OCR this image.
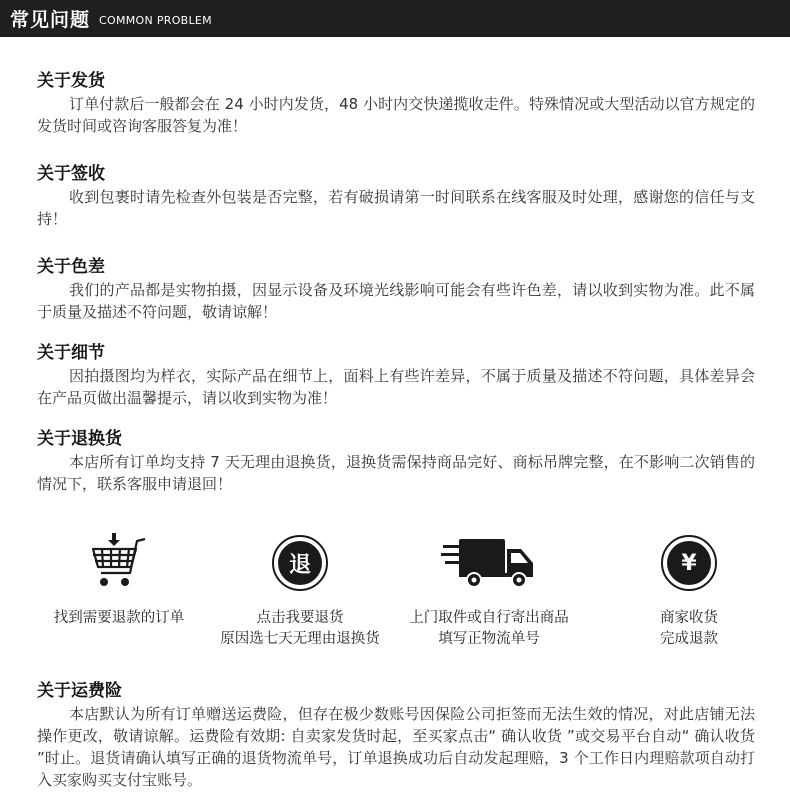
常见问题 COMMON PROBLEM
关于发货
订单付款后一般都会在 24 小时内发货，48 小时内交快递揽收走件。特殊情况或大型活动以官方规定的发货时间或咨询客服答复为准！
关于签收
收到包裹时请先检查外包装是否完整，若有破损请第一时间联系在线客服及时处理，感谢您的信任与支持！
关于色差
我们的产品都是实物拍摄，因显示设备及环境光线影响可能会有些许色差，请以收到实物为准。此不属于质量及描述不符问题，敬请谅解！
关于细节
因拍摄图均为样衣，实际产品在细节上，面料上有些许差异，不属于质量及描述不符问题，具体差异会在产品页做出温馨提示，请以收到实物为准！
关于退换货
本店所有订单均支持 7 天无理由退换货，退换货需保持商品完好、商标吊牌完整，在不影响二次销售的情况下，联系客服申请退回！
找到需要退款的订单
退
点击我要退货
原因选七天无理由退换货
上门取件或自行寄出商品
填写正物流单号
¥
商家收货
完成退款
关于运费险
本店默认为所有订单赠送运费险，但存在极少数账号因保险公司拒签而无法生效的情况，对此店铺无法操作更改，敬请谅解。运费险有效期: 自卖家发货时起，至买家点击“ 确认收货 ”或交易平台自动“ 确认收货 ”时止。退货请确认填写正确的退货物流单号，订单退换成功后自动发起理赔，3 个工作日内理赔款项自动打入买家购买支付宝账号。
